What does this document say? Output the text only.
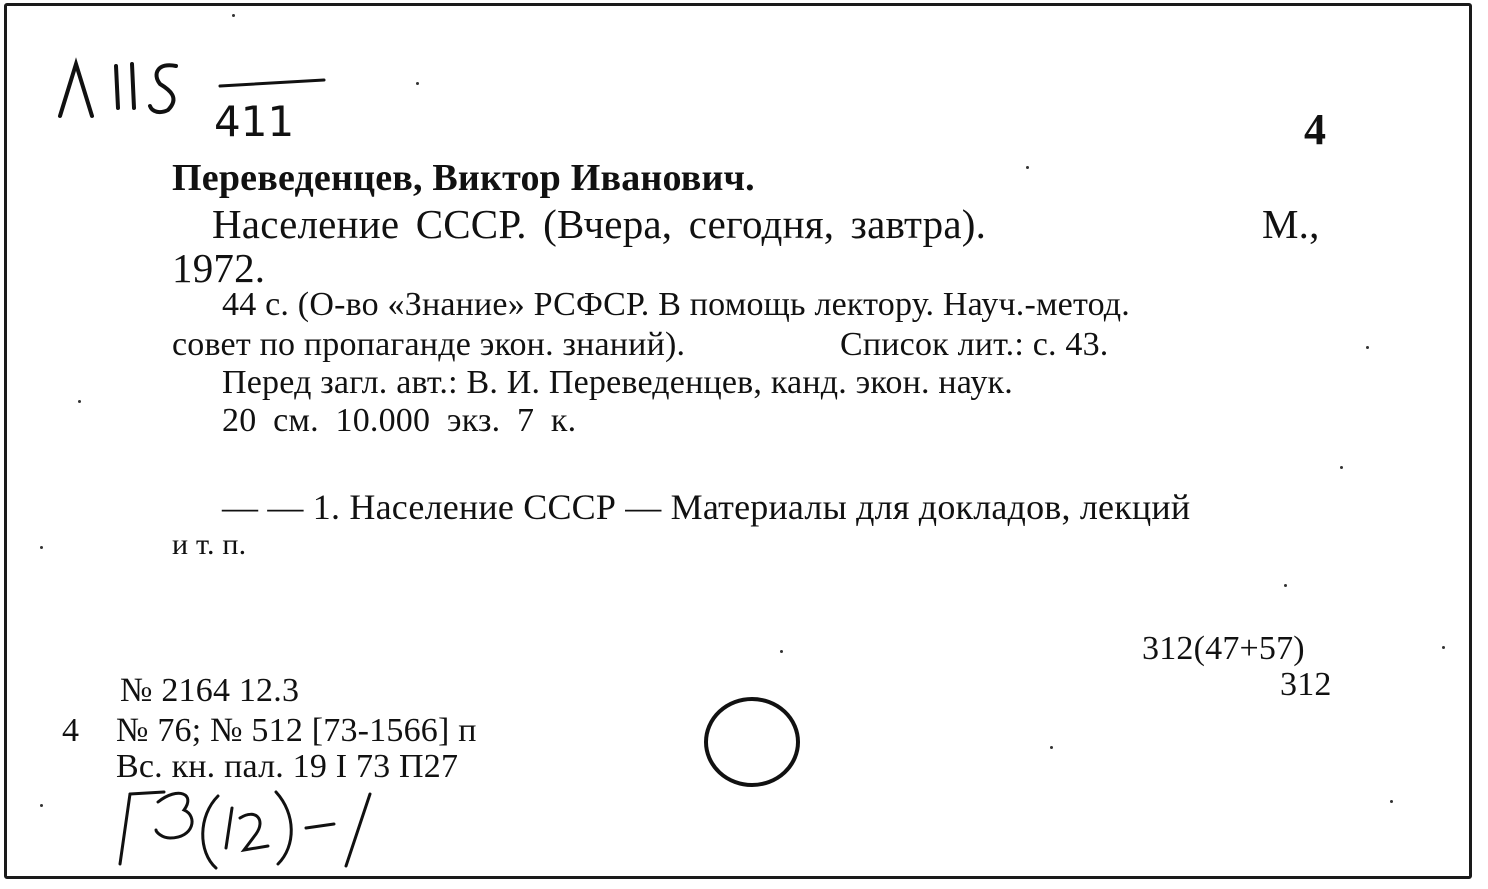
411	4
Переведенцев, Виктор Иванович.
Население СССР. (Вчера, сегодня, завтра).	М.,
1972.
44 с. (О-во «Знание» РСФСР. В помощь лектору. Науч.-метод.
совет по пропаганде экон. знаний).	Список лит.: с. 43.
Перед загл. авт.: В. И. Переведенцев, канд. экон. наук.
20 см. 10.000 экз. 7 к.
— — 1. Население СССР — Материалы для докладов, лекций
и т. п.
312(47+57)
312
№ 2164 12.3
4 № 76; № 512 [73-1566] п
Вс. кн. пал. 19 I 73 П27
